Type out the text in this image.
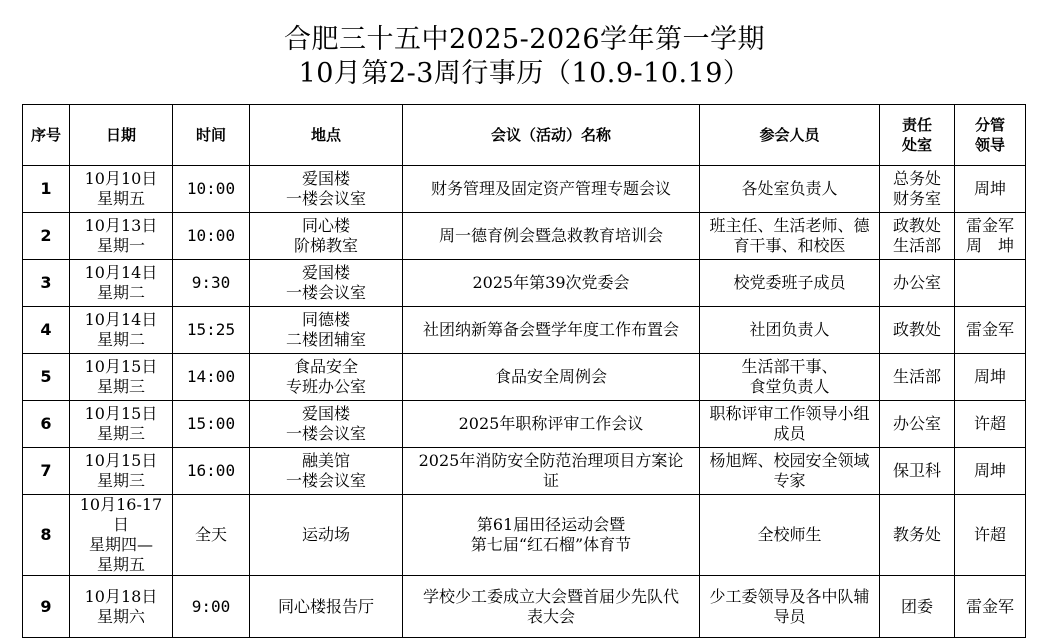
合肥三十五中2025-2026学年第一学期
10月第2-3周行事历（10.9-10.19）
序号	日期	时间	地点	会议（活动）名称	参会人员	责任
处室	分管
领导
1	10月10日
星期五	10:00	爱国楼
一楼会议室	财务管理及固定资产管理专题会议	各处室负责人	总务处
财务室	周坤
2	10月13日
星期一	10:00	同心楼
阶梯教室	周一德育例会暨急救教育培训会	班主任、生活老师、德
育干事、和校医	政教处
生活部	雷金军
周　坤
3	10月14日
星期二	9:30	爱国楼
一楼会议室	2025年第39次党委会	校党委班子成员	办公室	
4	10月14日
星期二	15:25	同德楼
二楼团辅室	社团纳新筹备会暨学年度工作布置会	社团负责人	政教处	雷金军
5	10月15日
星期三	14:00	食品安全
专班办公室	食品安全周例会	生活部干事、
食堂负责人	生活部	周坤
6	10月15日
星期三	15:00	爱国楼
一楼会议室	2025年职称评审工作会议	职称评审工作领导小组
成员	办公室	许超
7	10月15日
星期三	16:00	融美馆
一楼会议室	2025年消防安全防范治理项目方案论
证	杨旭辉、校园安全领域
专家	保卫科	周坤
8	10月16-17日
星期四—
星期五	全天	运动场	第61届田径运动会暨
第七届“红石榴”体育节	全校师生	教务处	许超
9	10月18日
星期六	9:00	同心楼报告厅	学校少工委成立大会暨首届少先队代
表大会	少工委领导及各中队辅
导员	团委	雷金军
